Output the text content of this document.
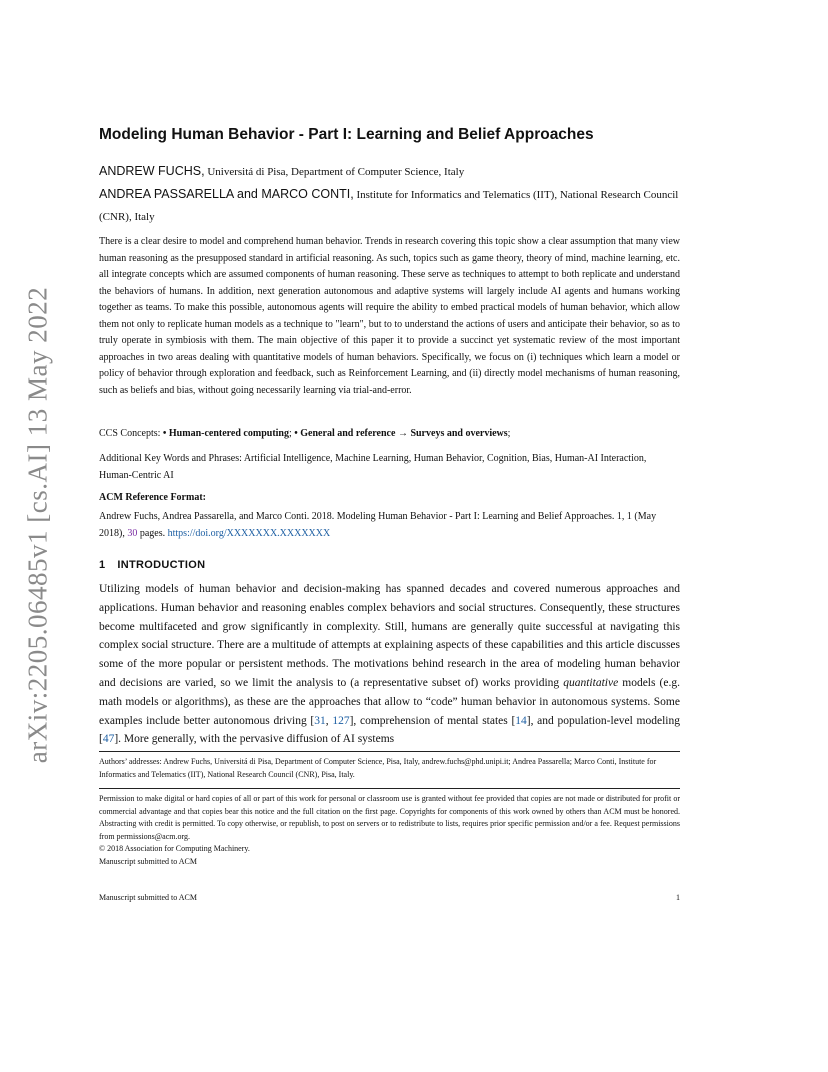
arXiv:2205.06485v1 [cs.AI] 13 May 2022
Modeling Human Behavior - Part I: Learning and Belief Approaches
ANDREW FUCHS, Universitá di Pisa, Department of Computer Science, Italy
ANDREA PASSARELLA and MARCO CONTI, Institute for Informatics and Telematics (IIT), National Research Council (CNR), Italy
There is a clear desire to model and comprehend human behavior. Trends in research covering this topic show a clear assumption that many view human reasoning as the presupposed standard in artificial reasoning. As such, topics such as game theory, theory of mind, machine learning, etc. all integrate concepts which are assumed components of human reasoning. These serve as techniques to attempt to both replicate and understand the behaviors of humans. In addition, next generation autonomous and adaptive systems will largely include AI agents and humans working together as teams. To make this possible, autonomous agents will require the ability to embed practical models of human behavior, which allow them not only to replicate human models as a technique to "learn", but to to understand the actions of users and anticipate their behavior, so as to truly operate in symbiosis with them. The main objective of this paper it to provide a succinct yet systematic review of the most important approaches in two areas dealing with quantitative models of human behaviors. Specifically, we focus on (i) techniques which learn a model or policy of behavior through exploration and feedback, such as Reinforcement Learning, and (ii) directly model mechanisms of human reasoning, such as beliefs and bias, without going necessarily learning via trial-and-error.
CCS Concepts: • Human-centered computing; • General and reference → Surveys and overviews;
Additional Key Words and Phrases: Artificial Intelligence, Machine Learning, Human Behavior, Cognition, Bias, Human-AI Interaction, Human-Centric AI
ACM Reference Format:
Andrew Fuchs, Andrea Passarella, and Marco Conti. 2018. Modeling Human Behavior - Part I: Learning and Belief Approaches. 1, 1 (May 2018), 30 pages. https://doi.org/XXXXXXX.XXXXXXX
1 INTRODUCTION
Utilizing models of human behavior and decision-making has spanned decades and covered numerous approaches and applications. Human behavior and reasoning enables complex behaviors and social structures. Consequently, these structures become multifaceted and grow significantly in complexity. Still, humans are generally quite successful at navigating this complex social structure. There are a multitude of attempts at explaining aspects of these capabilities and this article discusses some of the more popular or persistent methods. The motivations behind research in the area of modeling human behavior and decisions are varied, so we limit the analysis to (a representative subset of) works providing quantitative models (e.g. math models or algorithms), as these are the approaches that allow to “code” human behavior in autonomous systems. Some examples include better autonomous driving [31, 127], comprehension of mental states [14], and population-level modeling [47]. More generally, with the pervasive diffusion of AI systems
Authors’ addresses: Andrew Fuchs, Universitá di Pisa, Department of Computer Science, Pisa, Italy, andrew.fuchs@phd.unipi.it; Andrea Passarella; Marco Conti, Institute for Informatics and Telematics (IIT), National Research Council (CNR), Pisa, Italy.
Permission to make digital or hard copies of all or part of this work for personal or classroom use is granted without fee provided that copies are not made or distributed for profit or commercial advantage and that copies bear this notice and the full citation on the first page. Copyrights for components of this work owned by others than ACM must be honored. Abstracting with credit is permitted. To copy otherwise, or republish, to post on servers or to redistribute to lists, requires prior specific permission and/or a fee. Request permissions from permissions@acm.org.
© 2018 Association for Computing Machinery.
Manuscript submitted to ACM
Manuscript submitted to ACM	1
